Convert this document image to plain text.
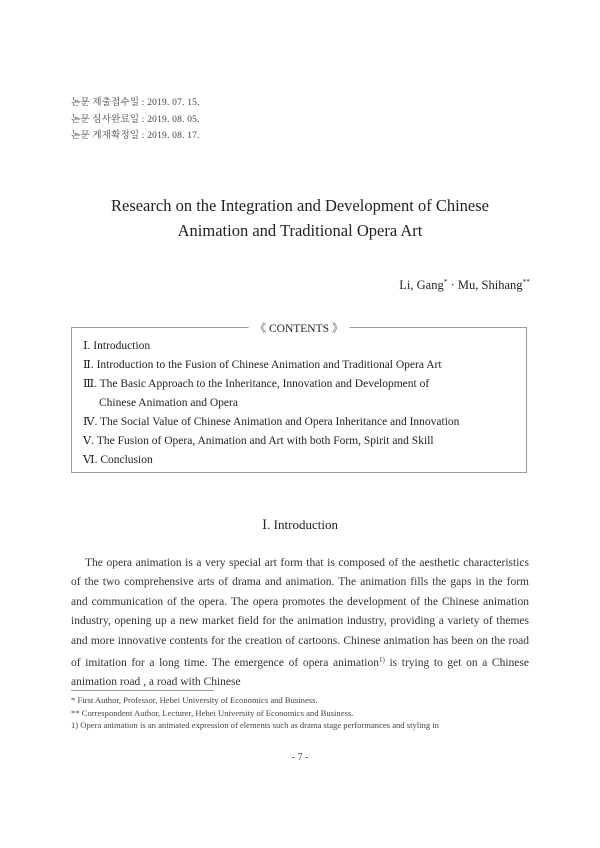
논문 제출접수일 : 2019. 07. 15.
논문 심사완료일 : 2019. 08. 05.
논문 게재확정일 : 2019. 08. 17.
Research on the Integration and Development of Chinese
Animation and Traditional Opera Art
Li, Gang* · Mu, Shihang**
《 CONTENTS 》
Ⅰ. Introduction
Ⅱ. Introduction to the Fusion of Chinese Animation and Traditional Opera Art
Ⅲ. The Basic Approach to the Inheritance, Innovation and Development of
Chinese Animation and Opera
Ⅳ. The Social Value of Chinese Animation and Opera Inheritance and Innovation
Ⅴ. The Fusion of Opera, Animation and Art with both Form, Spirit and Skill
Ⅵ. Conclusion
Ⅰ. Introduction

The opera animation is a very special art form that is composed of the aesthetic characteristics of the two comprehensive arts of drama and animation. The animation fills the gaps in the form and communication of the opera. The opera promotes the development of the Chinese animation industry, opening up a new market field for the animation industry, providing a variety of themes and more innovative contents for the creation of cartoons. Chinese animation has been on the road of imitation for a long time. The emergence of opera animation$^{1)}$ is trying to get on a Chinese animation road , a road with Chinese

* First Author, Professor, Hebei University of Economics and Business.
** Correspondent Author, Lecturer, Hebei University of Economics and Business.
1) Opera animation is an animated expression of elements such as drama stage performances and styling in
- 7 -
